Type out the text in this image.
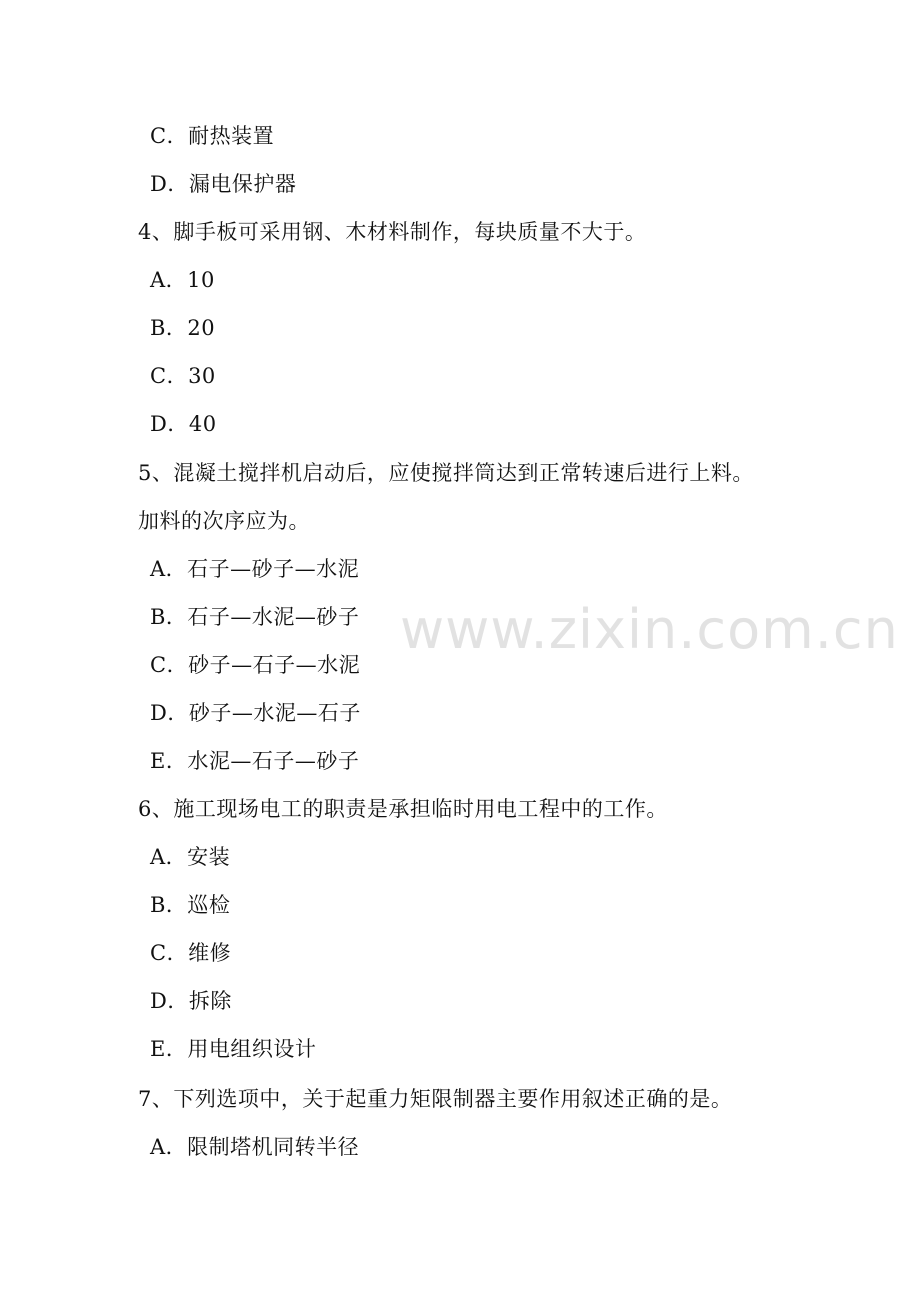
C．耐热装置
D．漏电保护器
4、脚手板可采用钢、木材料制作，每块质量不大于。
A．10
B．20
C．30
D．40
5、混凝土搅拌机启动后，应使搅拌筒达到正常转速后进行上料。
加料的次序应为。
A．石子—砂子—水泥
B．石子—水泥—砂子
C．砂子—石子—水泥
D．砂子—水泥—石子
E．水泥—石子—砂子
6、施工现场电工的职责是承担临时用电工程中的工作。
A．安装
B．巡检
C．维修
D．拆除
E．用电组织设计
7、下列选项中，关于起重力矩限制器主要作用叙述正确的是。
A．限制塔机同转半径
www.zixin.com.cn
